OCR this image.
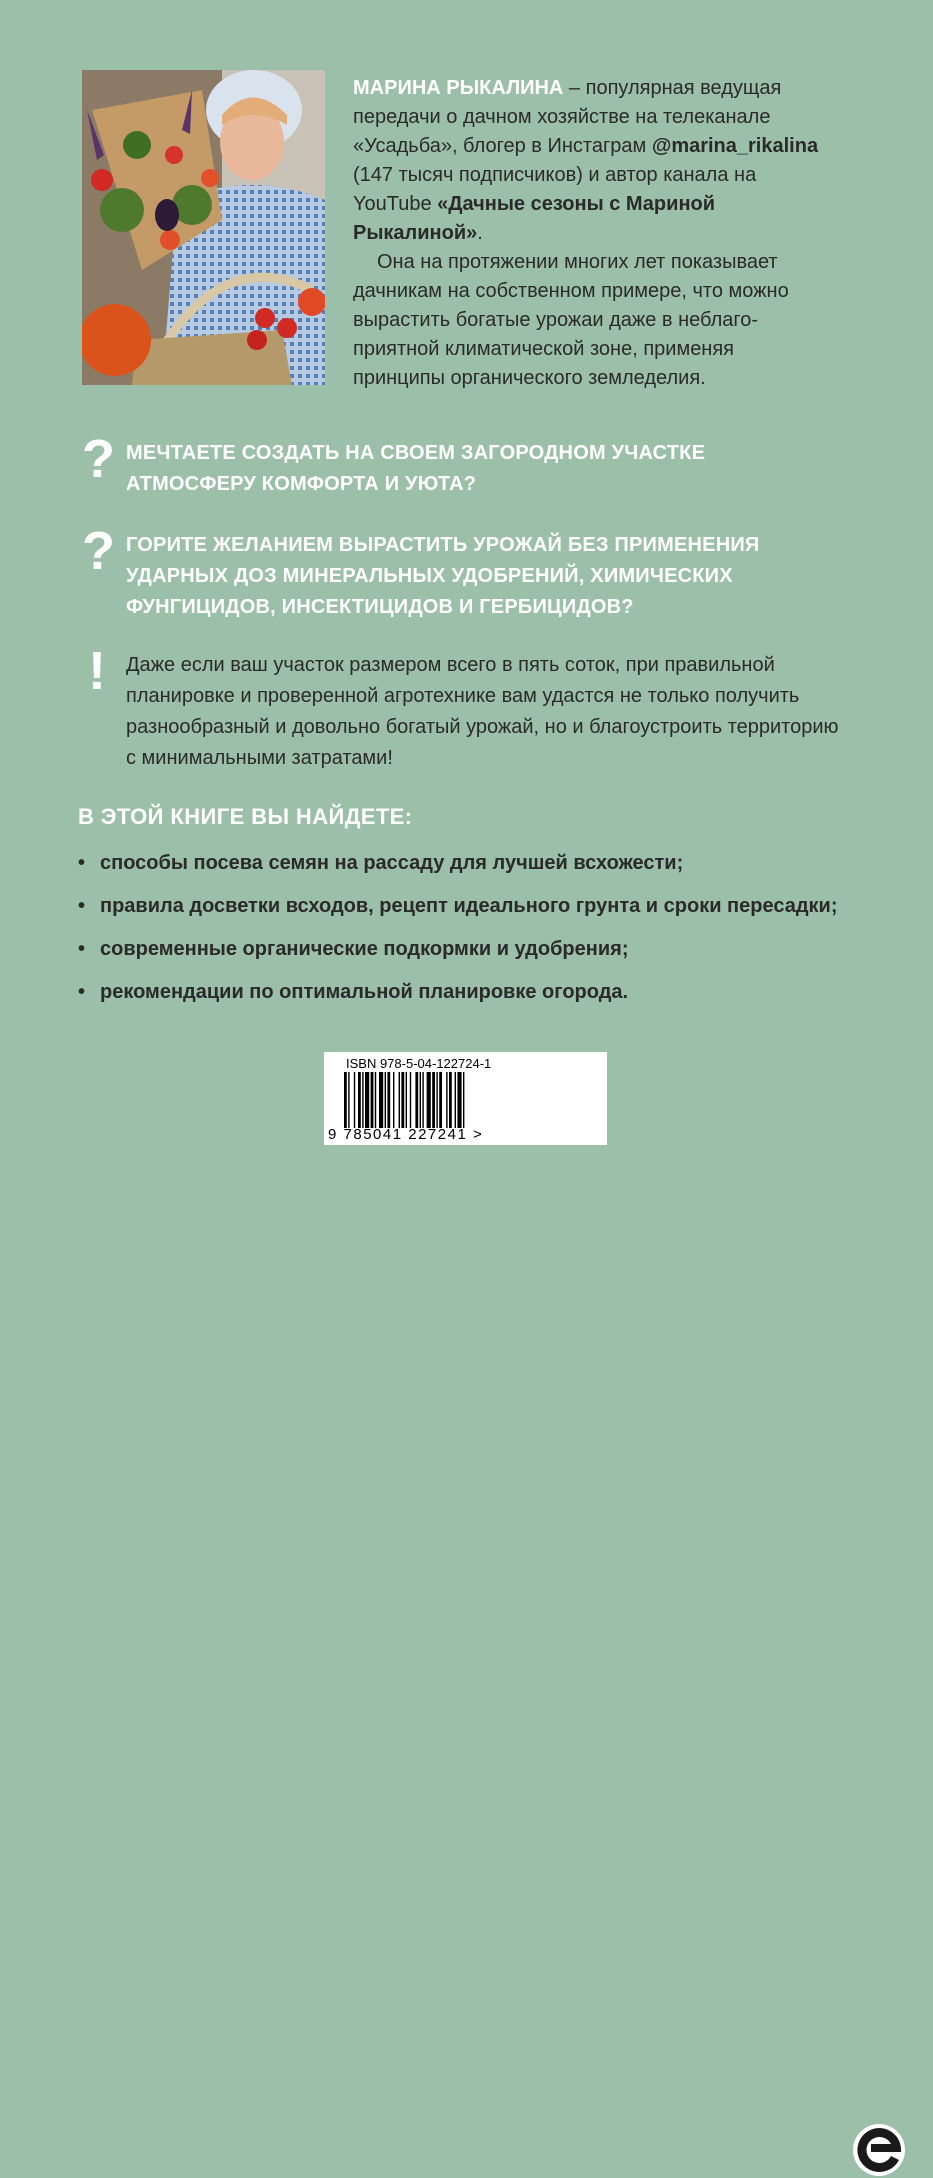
МАРИНА РЫКАЛИНА – популярная ведущая передачи о дачном хозяйстве на телеканале «Усадьба», блогер в Инстаграм @marina_rikalina (147 тысяч подписчиков) и автор канала на YouTube «Дачные сезоны с Мариной Рыкалиной».

Она на протяжении многих лет показывает дачникам на собственном примере, что можно вырастить богатые урожаи даже в неблаго-приятной климатической зоне, применяя принципы органического земледелия.

? МЕЧТАЕТЕ СОЗДАТЬ НА СВОЕМ ЗАГОРОДНОМ УЧАСТКЕ АТМОСФЕРУ КОМФОРТА И УЮТА?
? ГОРИТЕ ЖЕЛАНИЕМ ВЫРАСТИТЬ УРОЖАЙ БЕЗ ПРИМЕНЕНИЯ УДАРНЫХ ДОЗ МИНЕРАЛЬНЫХ УДОБРЕНИЙ, ХИМИЧЕСКИХ ФУНГИЦИДОВ, ИНСЕКТИЦИДОВ И ГЕРБИЦИДОВ?
!	Даже если ваш участок размером всего в пять соток, при правильной планировке и проверенной агротехнике вам удастся не только получить разнообразный и довольно богатый урожай, но и благоустроить территорию с минимальными затратами!
В ЭТОЙ КНИГЕ ВЫ НАЙДЕТЕ:
• способы посева семян на рассаду для лучшей всхожести;
• правила досветки всходов, рецепт идеального грунта и сроки пересадки;
• современные органические подкормки и удобрения;
• рекомендации по оптимальной планировке огорода.
ISBN 978-5-04-122724-1
9 785041 227241 >
